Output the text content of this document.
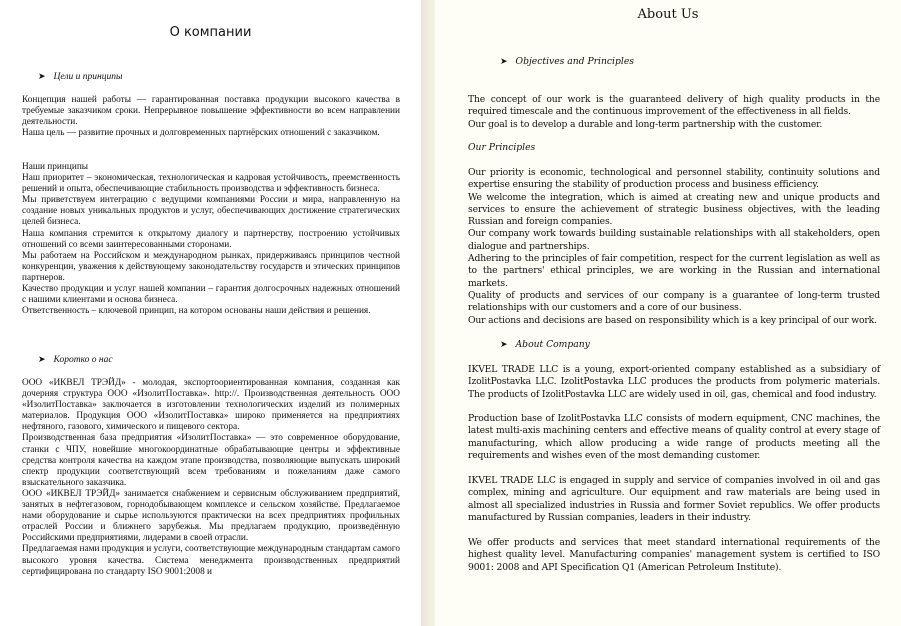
О компании
➤ Цели и принципы

Концепция нашей работы — гарантированная поставка продукции высокого качества в требуемые заказчиком сроки. Непрерывное повышение эффективности во всем направлении деятельности.

Наша цель — развитие прочных и долговременных партнёрских отношений с заказчиком.

Наши принципы

Наш приоритет – экономическая, технологическая и кадровая устойчивость, преемственность решений и опыта, обеспечивающие стабильность производства и эффективность бизнеса.

Мы приветствуем интеграцию с ведущими компаниями России и мира, направленную на создание новых уникальных продуктов и услуг, обеспечивающих достижение стратегических целей бизнеса.

Наша компания стремится к открытому диалогу и партнерству, построению устойчивых отношений со всеми заинтересованными сторонами.

Мы работаем на Российском и международном рынках, придерживаясь принципов честной конкуренции, уважения к действующему законодательству государств и этических принципов партнеров.

Качество продукции и услуг нашей компании – гарантия долгосрочных надежных отношений с нашими клиентами и основа бизнеса.

Ответственность – ключевой принцип, на котором основаны наши действия и решения.

➤ Коротко о нас

ООО «ИКВЕЛ ТРЭЙД» - молодая, экспортоориентированная компания, созданная как дочерняя структура ООО «ИзолитПоставка». http://. Производственная деятельность ООО «ИзолитПоставка» заключается в изготовлении технологических изделий из полимерных материалов. Продукция ООО «ИзолитПоставка» широко применяется на предприятиях нефтяного, газового, химического и пищевого сектора.

Производственная база предприятия «ИзолитПоставка» — это современное оборудование, станки с ЧПУ, новейшие многокоординатные обрабатывающие центры и эффективные средства контроля качества на каждом этапе производства, позволяющие выпускать широкий спектр продукции соответствующий всем требованиям и пожеланиям даже самого взыскательного заказчика.

ООО «ИКВЕЛ ТРЭЙД» занимается снабжением и сервисным обслуживанием предприятий, занятых в нефтегазовом, горнодобывающем комплексе и сельском хозяйстве. Предлагаемое нами оборудование и сырье используются практически на всех предприятиях профильных отраслей России и ближнего зарубежья. Мы предлагаем продукцию, произведённую Российскими предприятиями, лидерами в своей отрасли.

Предлагаемая нами продукция и услуги, соответствующие международным стандартам самого высокого уровня качества. Система менеджмента производственных предприятий сертифицирована по стандарту ISO 9001:2008 и

About Us
➤ Objectives and Principles

The concept of our work is the guaranteed delivery of high quality products in the required timescale and the continuous improvement of the effectiveness in all fields.

Our goal is to develop a durable and long-term partnership with the customer.

Our Principles

Our priority is economic, technological and personnel stability, continuity solutions and expertise ensuring the stability of production process and business efficiency.

We welcome the integration, which is aimed at creating new and unique products and services to ensure the achievement of strategic business objectives, with the leading Russian and foreign companies.

Our company work towards building sustainable relationships with all stakeholders, open dialogue and partnerships.

Adhering to the principles of fair competition, respect for the current legislation as well as to the partners' ethical principles, we are working in the Russian and international markets.

Quality of products and services of our company is a guarantee of long-term trusted relationships with our customers and a core of our business.

Our actions and decisions are based on responsibility which is a key principal of our work.

➤ About Company

IKVEL TRADE LLC is a young, export-oriented company established as a subsidiary of IzolitPostavka LLC. IzolitPostavka LLC produces the products from polymeric materials. The products of IzolitPostavka LLC are widely used in oil, gas, chemical and food industry.

Production base of IzolitPostavka LLC consists of modern equipment, CNC machines, the latest multi-axis machining centers and effective means of quality control at every stage of manufacturing, which allow producing a wide range of products meeting all the requirements and wishes even of the most demanding customer.

IKVEL TRADE LLC is engaged in supply and service of companies involved in oil and gas complex, mining and agriculture. Our equipment and raw materials are being used in almost all specialized industries in Russia and former Soviet republics. We offer products manufactured by Russian companies, leaders in their industry.

We offer products and services that meet standard international requirements of the highest quality level. Manufacturing companies' management system is certified to ISO 9001: 2008 and API Specification Q1 (American Petroleum Institute).
